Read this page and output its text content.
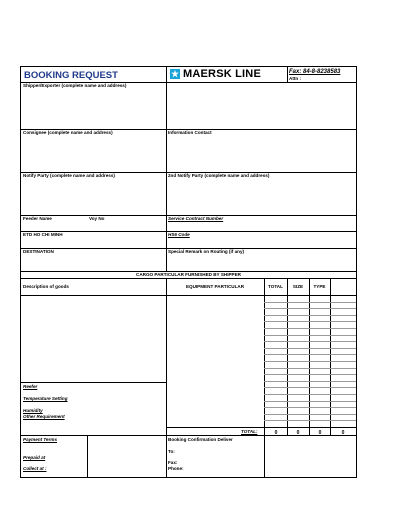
BOOKING REQUEST	MAERSK LINE	Fax: 84-8-8238583
Attn :
Shipper/Exporter (complete name and address)
Consignee (complete name and address)	Information Contact
Notify Party (complete name and address)	2nd Notify Party (complete name and address)
Feeder Name	Voy No	Service Contract Number
ETD HO CHI MINH	HS6 Code
DESTINATION	Special Remark on Routing (if any)
CARGO PARTICULAR FURNISHED BY SHIPPER
Description of goods	EQUIPMENT PARTICULAR	TOTAL	SIZE	TYPE
Reefer
Temperature Setting
Humidity
Other Requirement
TOTAL:	0	0	0	0
Payment Terms
Prepaid at
Collect at :
Booking Confirmation Deliver
To:
Fax:
Phone:
